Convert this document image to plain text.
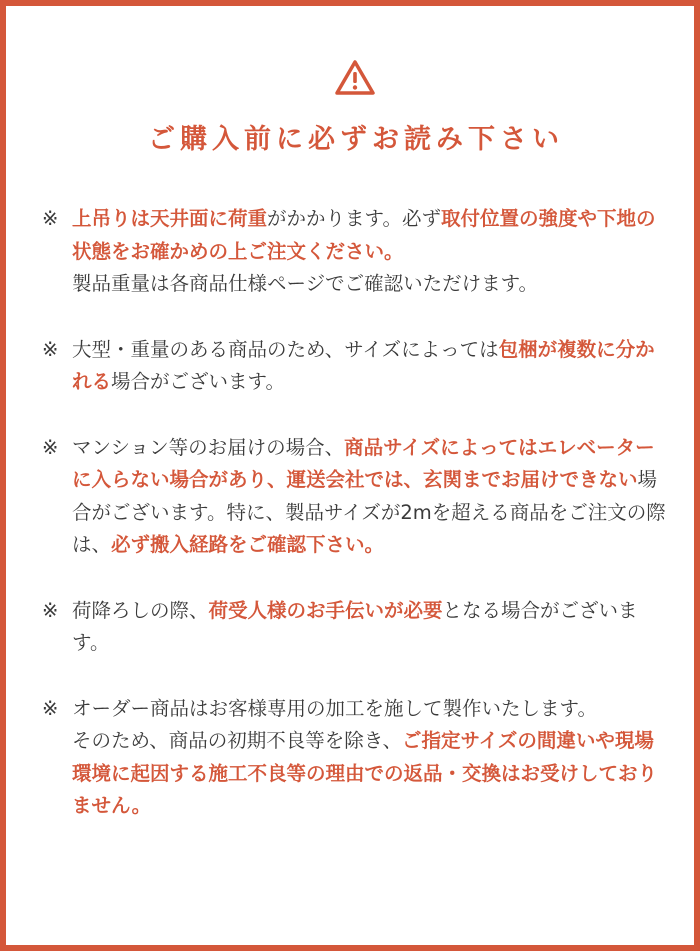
ご購入前に必ずお読み下さい
※ 上吊りは天井面に荷重がかかります。必ず取付位置の強度や下地の状態をお確かめの上ご注文ください。
製品重量は各商品仕様ページでご確認いただけます。
※ 大型・重量のある商品のため、サイズによっては包梱が複数に分かれる場合がございます。
※ マンション等のお届けの場合、商品サイズによってはエレベーターに入らない場合があり、運送会社では、玄関までお届けできない場合がございます。特に、製品サイズが2mを超える商品をご注文の際は、必ず搬入経路をご確認下さい。
※ 荷降ろしの際、荷受人様のお手伝いが必要となる場合がございます。
※ オーダー商品はお客様専用の加工を施して製作いたします。
そのため、商品の初期不良等を除き、ご指定サイズの間違いや現場環境に起因する施工不良等の理由での返品・交換はお受けしておりません。
